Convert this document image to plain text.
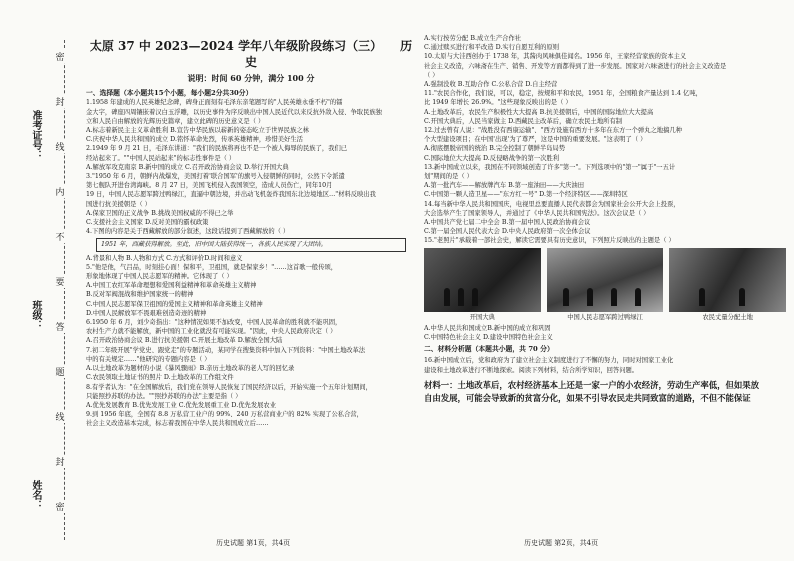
准考证号：
班级：
姓名：
密
封
线
内
不
要
答
题
线
封
密
太原 37 中 2023—2024 学年八年级阶段练习（三） 历史
说明：时间 60 分钟，满分 100 分

一、选择题（本小题共15个小题，每小题2分共30分）

1.1958 年建成的人民英雄纪念碑，碑身正面刻有毛泽东亲笔题写的"人民英雄永垂不朽"的镭

金大字，碑座四周镶嵌着汉白玉浮雕，以历史事件为序反映出中国人民近代以来反抗外敌入侵、争取民族独

立和人民自由解放的光辉历史篇章，建立此碑的历史意义是（ ）

A.标志着新民主主义革命胜利 B.宣告中华民族以崭新的姿态屹立于世界民族之林

C.庆祝中华人民共和国的成立 D.铭怀革命先烈，传承英雄精神，珍惜美好生活

2.1949 年 9 月 21 日，毛泽东讲道："我们的民族将再也不是一个被人侮辱的民族了，我们已

经站起来了。""中国人民站起来"的标志性事件是（ ）

A.解放军攻克南京 B.新中国的成立 C.召开政治协商会议 D.举行开国大典

3."1950 年 6 月，朝鲜内战爆发，美国打着'联合国军'的旗号入侵朝鲜的同时，公然下令派遣

第七舰队开进台湾海峡。8 月 27 日，美国飞机侵入我国领空，造成人员伤亡，同年10月

19 日，中国人民志愿军跨过鸭绿江，直逼中朝边境，并出动飞机轰炸我国东北边境地区…"材料反映出我

国进行抗美援朝是（ ）

A.保家卫国的正义战争 B.挑战美国权威的不得已之举

C.支援社会主义国家 D.反对美国的霸权政策

4.下图的内容是关于西藏解放的部分叙述，这段话提到了西藏解放的（ ）

1951 年，西藏获得解放。至此，旧中国大陆获得统一，各族人民实现了大团结。

A.背景和人物 B.人物和方式 C.方式和评价D.时间和意义

5."他是他，气吕品，时刻挂心面！保和平，卫祖国，就是保家乡！"……这首歌一般传颂，

形象地体现了中国人民志愿军的精神。它体现了（ ）

A.中国工农红军革命理想和爱国利益精神和革命英雄主义精神

B.反对军阀混战和维护国家统一的精神

C.中国人民志愿军保卫祖国的爱国主义精神和革命英雄主义精神

D.中国人民解放军不畏艰难创造奇迹的精神

6.1950 年 6 月，刘少奇指出："这种情况如果不加改变，中国人民革命的胜利就不能巩固，

农村生产力就不能解放，新中国的工业化就没有可能实现。"因此，中央人民政府决定（ ）

A.召开政治协商会议 B.进行抗美援朝 C.开展土地改革 D.解放全国大陆

7.初二年级开展"学党史、跟党走"的专题活动，某同学在搜集资料中加入下列资料："中国土地改革法

中的有关规定……"他研究的专题内容是（ ）

A.以土地改革为题材的小说《暴风骤雨》B.亲历土地改革的老人写的回忆录

C.农民领取土地证书的照片 D.土地改革的工作组文件

8.有学者认为："在全国解放后，我们党在领导人民恢复了国民经济以后，开始实施一个五年计划期间，

只能照抄苏联的办法。""照抄苏联的办法"主要是指（ ）

A.优先发展教育 B.优先发展工业 C.优先发展重工业 D.优先发展农业

9.到 1956 年底，全国有 8.8 万私营工业户的 99%、240 万私营商业户的 82% 实现了公私合营，

社会主义改造基本完成，标志着我国在中华人民共和国成立后……

历史试题 第1页，共4页

A.实行按劳分配 B.成立生产合作社

C.通过赎买进行和平改造 D.实行自愿互利的原则

10.太原与大洼西创办于 1738 年，其酱肉风味俱佳闻名。1956 年，王家经营家族的资本主义

社会主义改造，六味斋在生产、销售、开发等方面都得到了进一步发展。国家对六味斋进行的社会主义改造是

（ ）

A.强制没收 B.互助合作 C.公私合营 D.自主经营

11."农民合作化，我们说，可以，稳定，按规和平和农民，1951 年，全国粮食产量达到 1.4 亿吨，

比 1949 年增长 26.9%。"这些现象反映出的是（ ）

A.土地改革后，农民生产积极性大大提高 B.抗美援朝后，中国的国际地位大大提高

C.开国大典后，人民当家做主 D.西藏民主改革后，确立农民土地所有制

12.过去曾有人说："战胜没有西康运输"、"西方设施有西方十多年在东方一个弹丸之地搞几种

个大型建设项目；在中国'出现'为了尊严，这是中国的重要发展。"这表明了（ ）

A.彻底摆脱帝国的统治 B.完全控制了朝鲜半岛局势

C.国际地位大大提高 D.反侵略战争的第一次胜利

13.新中国成立以来，我国在不同领域创造了许多"第一"。下列选项中的"第一"属于"一五计

划"期间的是（ ）

A.第一批汽车——解放牌汽车 B.第一座油田——大庆油田

C.中国第一颗人造卫星——"东方红一号" D.第一个经济特区——深圳特区

14.每当新中华人民共和国国庆，电视里总要直播人民代表都会为国家社会公开大会上投票，

大会选举产生了国家领导人，并通过了《中华人民共和国宪法》。这次会议是（ ）

A.中国共产党七届二中全会 B.第一届中国人民政治协商会议

C.第一届全国人民代表大会 D.中央人民政府第一次全体会议

15."老照片"承载着一部社会史，解读它需要具有历史意识，下列照片反映出的主题是（ ）

开国大典	中国人民志愿军跨过鸭绿江	农民丈量分配土地

A.中华人民共和国成立B.新中国的成立和巩固

C.中国特色社会主义 D.建设中国特色社会主义

二、材料分析题（本题共小题，共 70 分）

16.新中国成立后，党和政府为了建立社会主义制度进行了不懈的努力，同时对国家工业化

建设和土地改革进行不断地探索。阅读下列材料，结合所学知识，回答问题。

材料一：土地改革后，农村经济基本上还是一家一户的小农经济，劳动生产率低，但如果放

自由发展，可能会导致新的贫富分化，如果不引导农民走共同致富的道路，不但不能保证

历史试题 第2页，共4页
